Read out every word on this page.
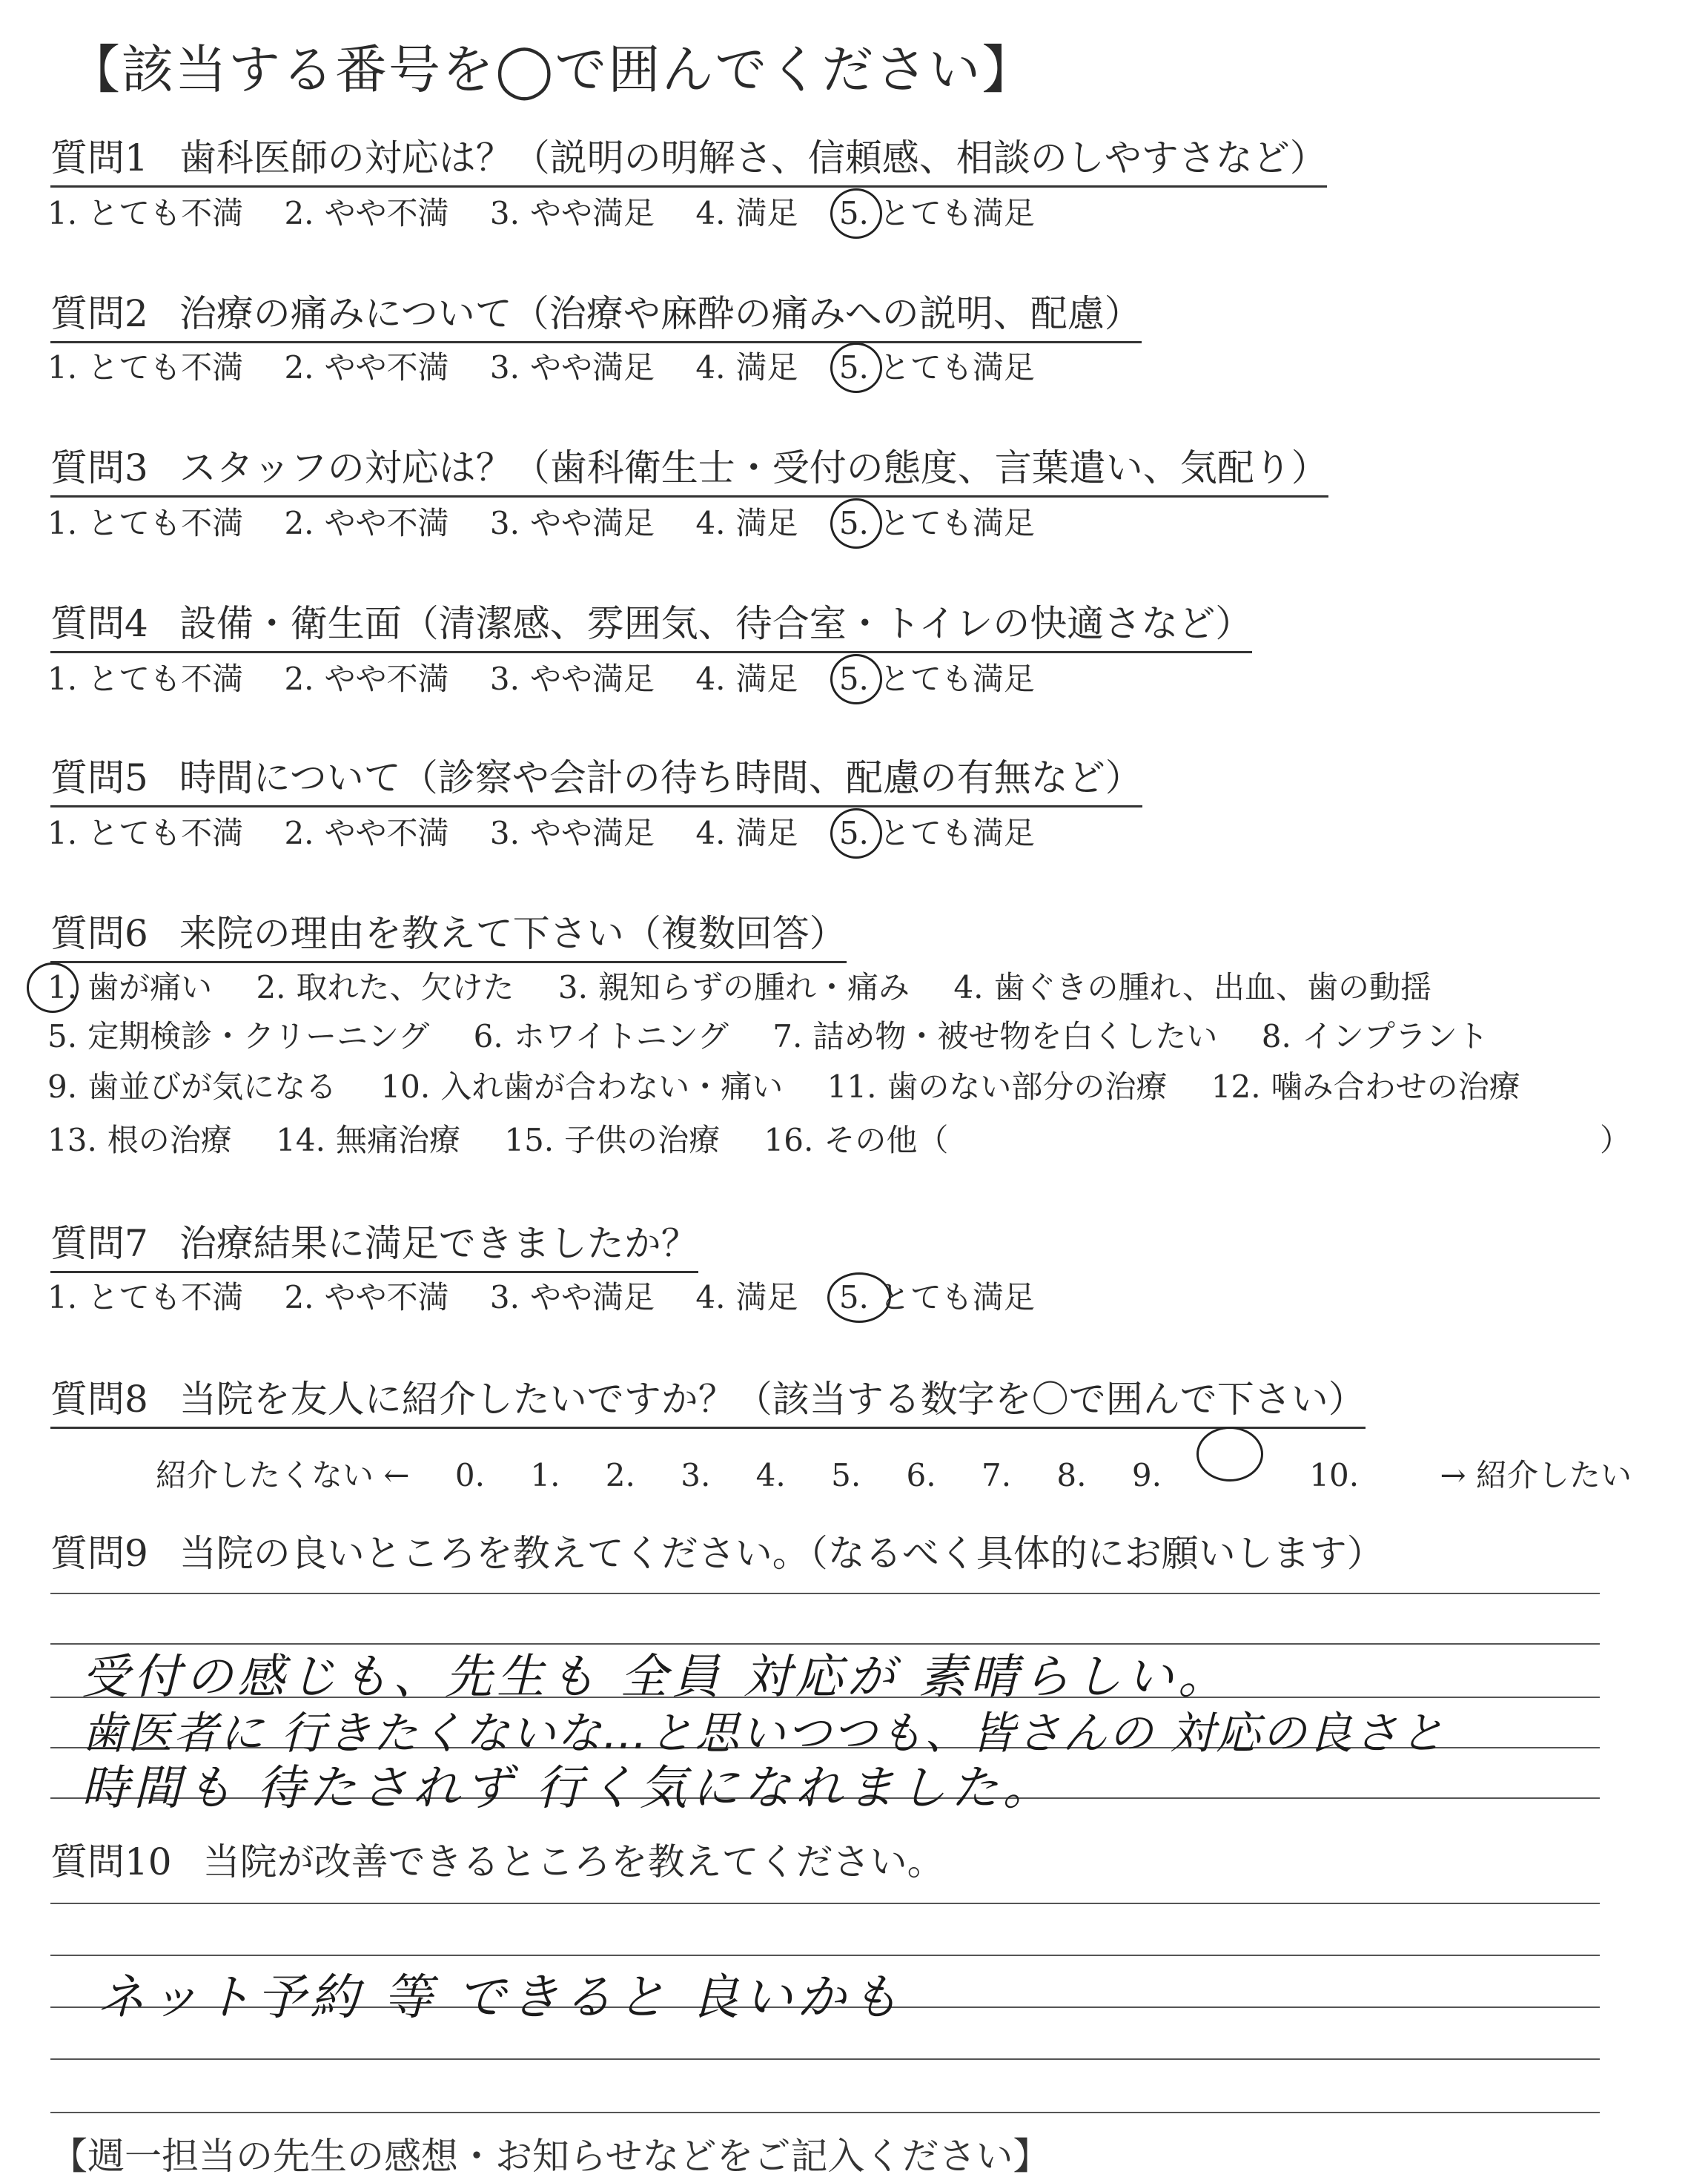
【該当する番号を◯で囲んでください】
質問1 歯科医師の対応は？（説明の明解さ、信頼感、相談のしやすさなど）
1. とても不満 2. やや不満 3. やや満足 4. 満足 5. とても満足
質問2 治療の痛みについて（治療や麻酔の痛みへの説明、配慮）
1. とても不満 2. やや不満 3. やや満足 4. 満足 5. とても満足
質問3 スタッフの対応は？（歯科衛生士・受付の態度、言葉遣い、気配り）
1. とても不満 2. やや不満 3. やや満足 4. 満足 5. とても満足
質問4 設備・衛生面（清潔感、雰囲気、待合室・トイレの快適さなど）
1. とても不満 2. やや不満 3. やや満足 4. 満足 5. とても満足
質問5 時間について（診察や会計の待ち時間、配慮の有無など）
1. とても不満 2. やや不満 3. やや満足 4. 満足 5. とても満足
質問6 来院の理由を教えて下さい（複数回答）
1. 歯が痛い 2. 取れた、欠けた 3. 親知らずの腫れ・痛み 4. 歯ぐきの腫れ、出血、歯の動揺
5. 定期検診・クリーニング 6. ホワイトニング 7. 詰め物・被せ物を白くしたい 8. インプラント
9. 歯並びが気になる 10. 入れ歯が合わない・痛い 11. 歯のない部分の治療 12. 噛み合わせの治療
13. 根の治療 14. 無痛治療 15. 子供の治療 16. その他（	）
質問7 治療結果に満足できましたか？
1. とても不満 2. やや不満 3. やや満足 4. 満足 5. とても満足
質問8 当院を友人に紹介したいですか？（該当する数字を〇で囲んで下さい）
紹介したくない ← 0. 1. 2. 3. 4. 5. 6. 7. 8. 9.	10.	→ 紹介したい
質問9 当院の良いところを教えてください。（なるべく具体的にお願いします）
受付の感じも、先生も 全員 対応が 素晴らしい。
歯医者に 行きたくないな…と思いつつも、皆さんの 対応の良さと
時間も 待たされず 行く気になれました。
質問10 当院が改善できるところを教えてください。
ネット予約 等 できると 良いかも
【週一担当の先生の感想・お知らせなどをご記入ください】
